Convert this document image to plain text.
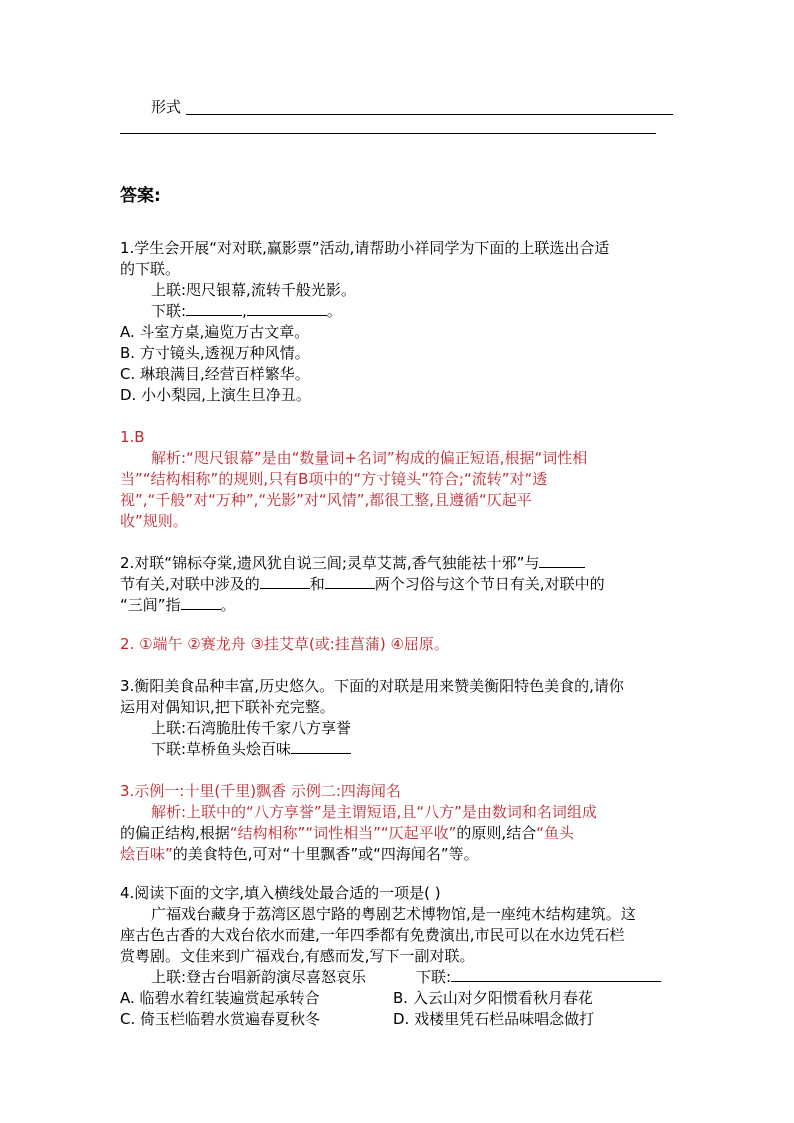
形式
答案:
1.学生会开展“对对联,赢影票”活动,请帮助小祥同学为下面的上联选出合适
的下联。
上联:咫尺银幕,流转千般光影。
下联:	,	。
A. 斗室方桌,遍览万古文章。
B. 方寸镜头,透视万种风情。
C. 琳琅满目,经营百样繁华。
D. 小小梨园,上演生旦净丑。
1.B
解析:“咫尺银幕”是由“数量词+名词”构成的偏正短语,根据“词性相
当”“结构相称”的规则,只有B项中的“方寸镜头”符合;“流转”对“透
视”,“千般”对“万种”,“光影”对“风情”,都很工整,且遵循“仄起平
收”规则。
2.对联“锦标夺棠,遗风犹自说三闾;灵草艾蒿,香气独能祛十邪”与
节有关,对联中涉及的	和	两个习俗与这个节日有关,对联中的
“三闾”指	。
2. ①端午 ②赛龙舟 ③挂艾草(或:挂菖蒲) ④屈原。
3.衡阳美食品种丰富,历史悠久。下面的对联是用来赞美衡阳特色美食的,请你
运用对偶知识,把下联补充完整。
上联:石湾脆肚传千家八方享誉
下联:草桥鱼头烩百味
3.示例一:十里(千里)飘香 示例二:四海闻名
解析:上联中的“八方享誉”是主谓短语,且“八方”是由数词和名词组成
的偏正结构,根据“结构相称”“词性相当”“仄起平收”的原则,结合“鱼头
烩百味”的美食特色,可对“十里飘香”或“四海闻名”等。
4.阅读下面的文字,填入横线处最合适的一项是( )
广福戏台藏身于荔湾区恩宁路的粤剧艺术博物馆,是一座纯木结构建筑。这
座古色古香的大戏台依水而建,一年四季都有免费演出,市民可以在水边凭石栏
赏粤剧。文佳来到广福戏台,有感而发,写下一副对联。
上联:登古台唱新韵演尽喜怒哀乐	下联:
A. 临碧水着红装遍赏起承转合	B. 入云山对夕阳惯看秋月春花
C. 倚玉栏临碧水赏遍春夏秋冬	D. 戏楼里凭石栏品味唱念做打
